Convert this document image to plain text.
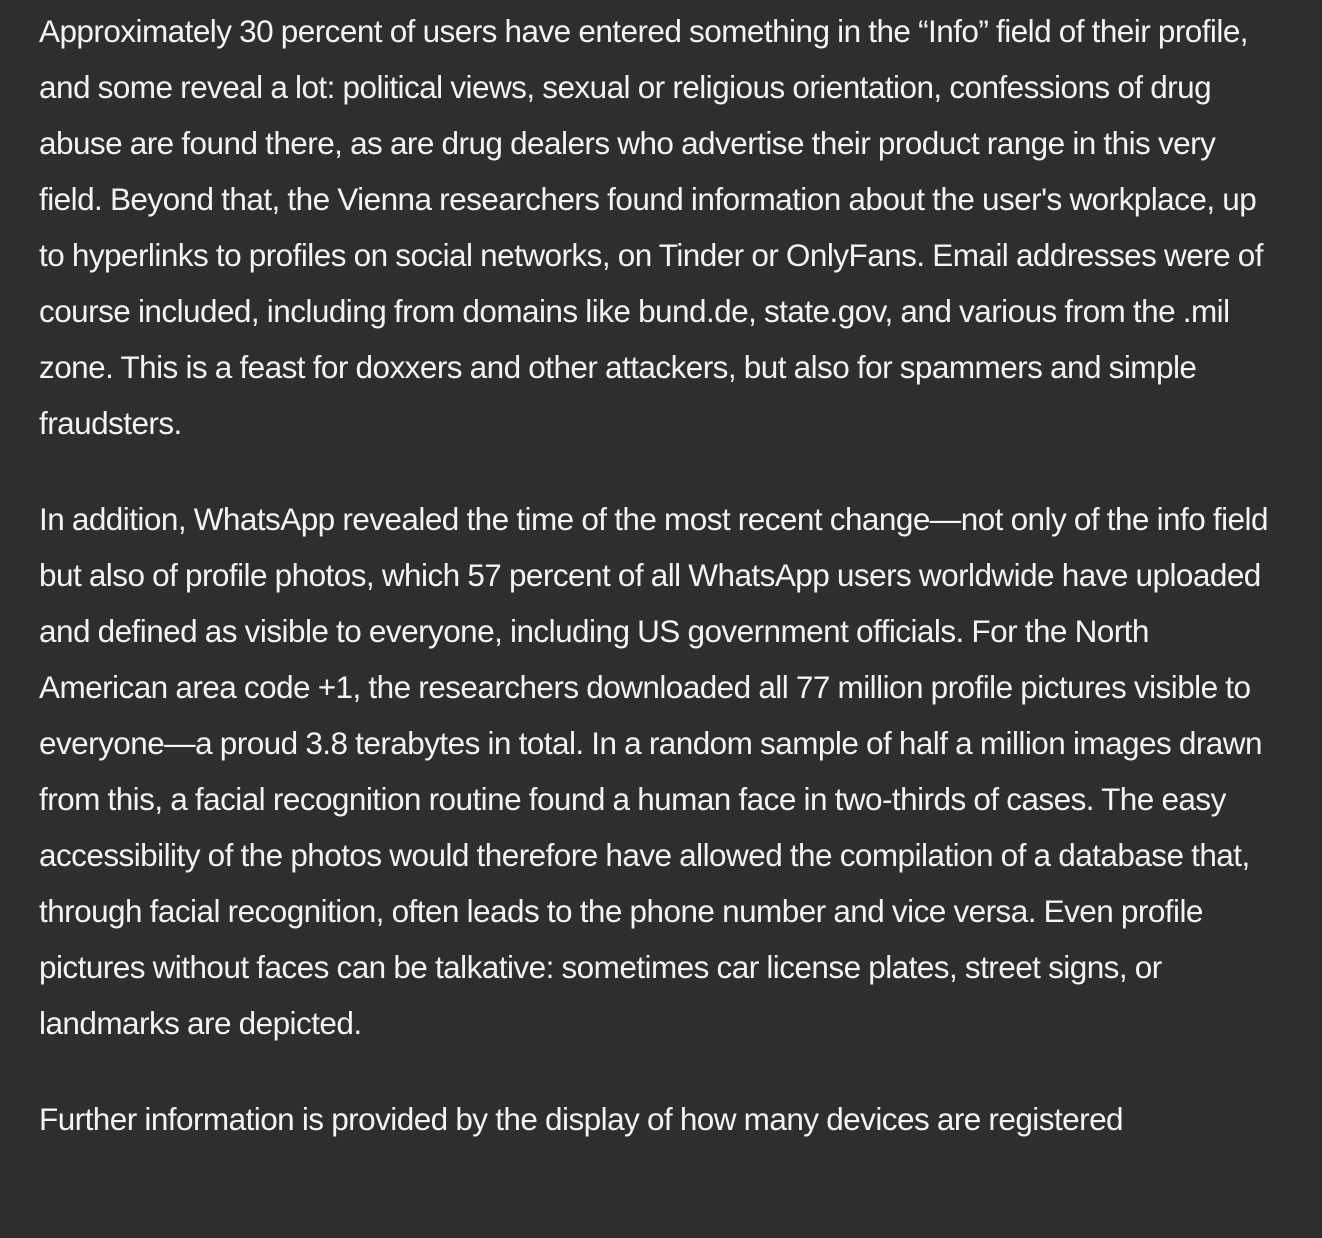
Approximately 30 percent of users have entered something in the “Info” field of their profile, and some reveal a lot: political views, sexual or religious orientation, confessions of drug abuse are found there, as are drug dealers who advertise their product range in this very field. Beyond that, the Vienna researchers found information about the user's workplace, up to hyperlinks to profiles on social networks, on Tinder or OnlyFans. Email addresses were of course included, including from domains like bund.de, state.gov, and various from the .mil zone. This is a feast for doxxers and other attackers, but also for spammers and simple fraudsters.

In addition, WhatsApp revealed the time of the most recent change—not only of the info field but also of profile photos, which 57 percent of all WhatsApp users worldwide have uploaded and defined as visible to everyone, including US government officials. For the North American area code +1, the researchers downloaded all 77 million profile pictures visible to everyone—a proud 3.8 terabytes in total. In a random sample of half a million images drawn from this, a facial recognition routine found a human face in two-thirds of cases. The easy accessibility of the photos would therefore have allowed the compilation of a database that, through facial recognition, often leads to the phone number and vice versa. Even profile pictures without faces can be talkative: sometimes car license plates, street signs, or landmarks are depicted.

Further information is provided by the display of how many devices are registered
